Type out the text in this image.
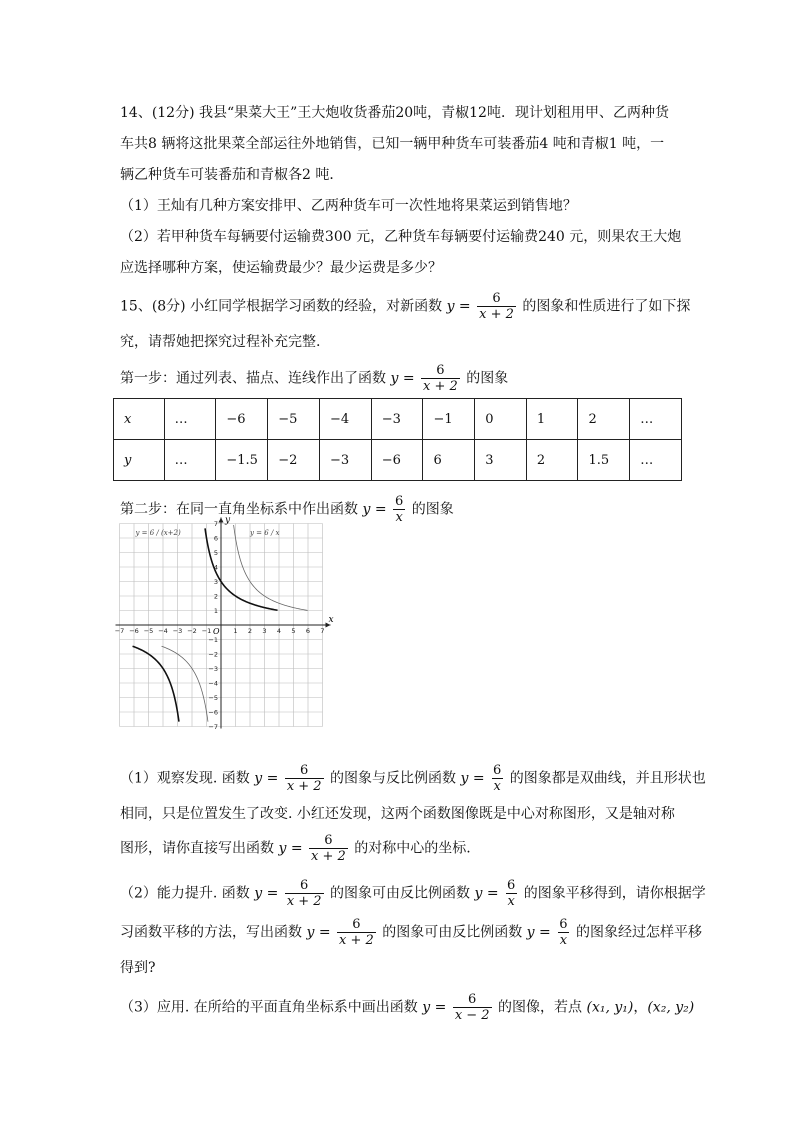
14、(12分) 我县“果菜大王”王大炮收货番茄20吨，青椒12吨．现计划租用甲、乙两种货
车共8 辆将这批果菜全部运往外地销售，已知一辆甲种货车可装番茄4 吨和青椒1 吨，一
辆乙种货车可装番茄和青椒各2 吨．
（1）王灿有几种方案安排甲、乙两种货车可一次性地将果菜运到销售地？
（2）若甲种货车每辆要付运输费300 元，乙种货车每辆要付运输费240 元，则果农王大炮
应选择哪种方案，使运输费最少？最少运费是多少？
15、(8分) 小红同学根据学习函数的经验，对新函数 $y = \frac{6}{x + 2}$ 的图象和性质进行了如下探
究，请帮她把探究过程补充完整.
第一步：通过列表、描点、连线作出了函数 $y = \frac{6}{x + 2}$ 的图象
x	…	−6	−5	−4	−3	−1	0	1	2	…
y	…	−1.5	−2	−3	−6	6	3	2	1.5	…
第二步：在同一直角坐标系中作出函数 $y = \frac{6}{x}$ 的图象
−7 −6 −5 −4 −3 −2 −1	1 2 3 4 5 6 7
7
6
5
4
3
2
1
−1
−2
−3
−4
−5
−6
−7
x
y
O
y = 6 / (x+2)	y = 6 / x
（1）观察发现. 函数 $y = \frac{6}{x + 2}$ 的图象与反比例函数 $y = \frac{6}{x}$ 的图象都是双曲线，并且形状也
相同，只是位置发生了改变. 小红还发现，这两个函数图像既是中心对称图形，又是轴对称
图形，请你直接写出函数 $y = \frac{6}{x + 2}$ 的对称中心的坐标.
（2）能力提升. 函数 $y = \frac{6}{x + 2}$ 的图象可由反比例函数 $y = \frac{6}{x}$ 的图象平移得到，请你根据学
习函数平移的方法，写出函数 $y = \frac{6}{x + 2}$ 的图象可由反比例函数 $y = \frac{6}{x}$ 的图象经过怎样平移
得到?
（3）应用. 在所给的平面直角坐标系中画出函数 $y = \frac{6}{x - 2}$ 的图像，若点 (x₁, y₁)，(x₂, y₂)
